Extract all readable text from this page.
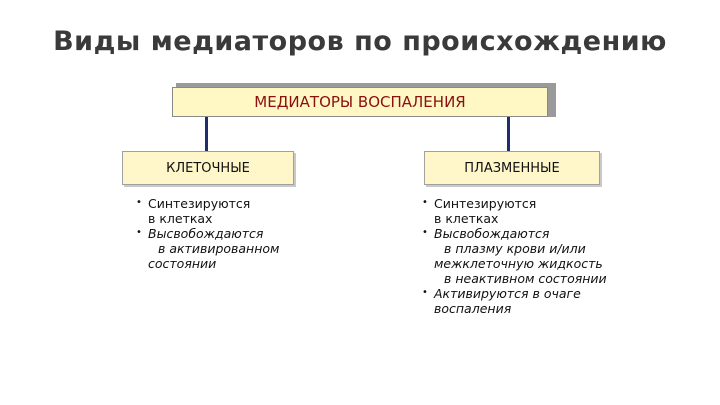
Виды медиаторов по происхождению
МЕДИАТОРЫ ВОСПАЛЕНИЯ
КЛЕТОЧНЫЕ	ПЛАЗМЕННЫЕ
• Синтезируются
в клетках
• Высвобождаются
в активированном
состоянии
• Синтезируются
в клетках
• Высвобождаются
в плазму крови и/или
межклеточную жидкость
в неактивном состоянии
• Активируются в очаге
воспаления
